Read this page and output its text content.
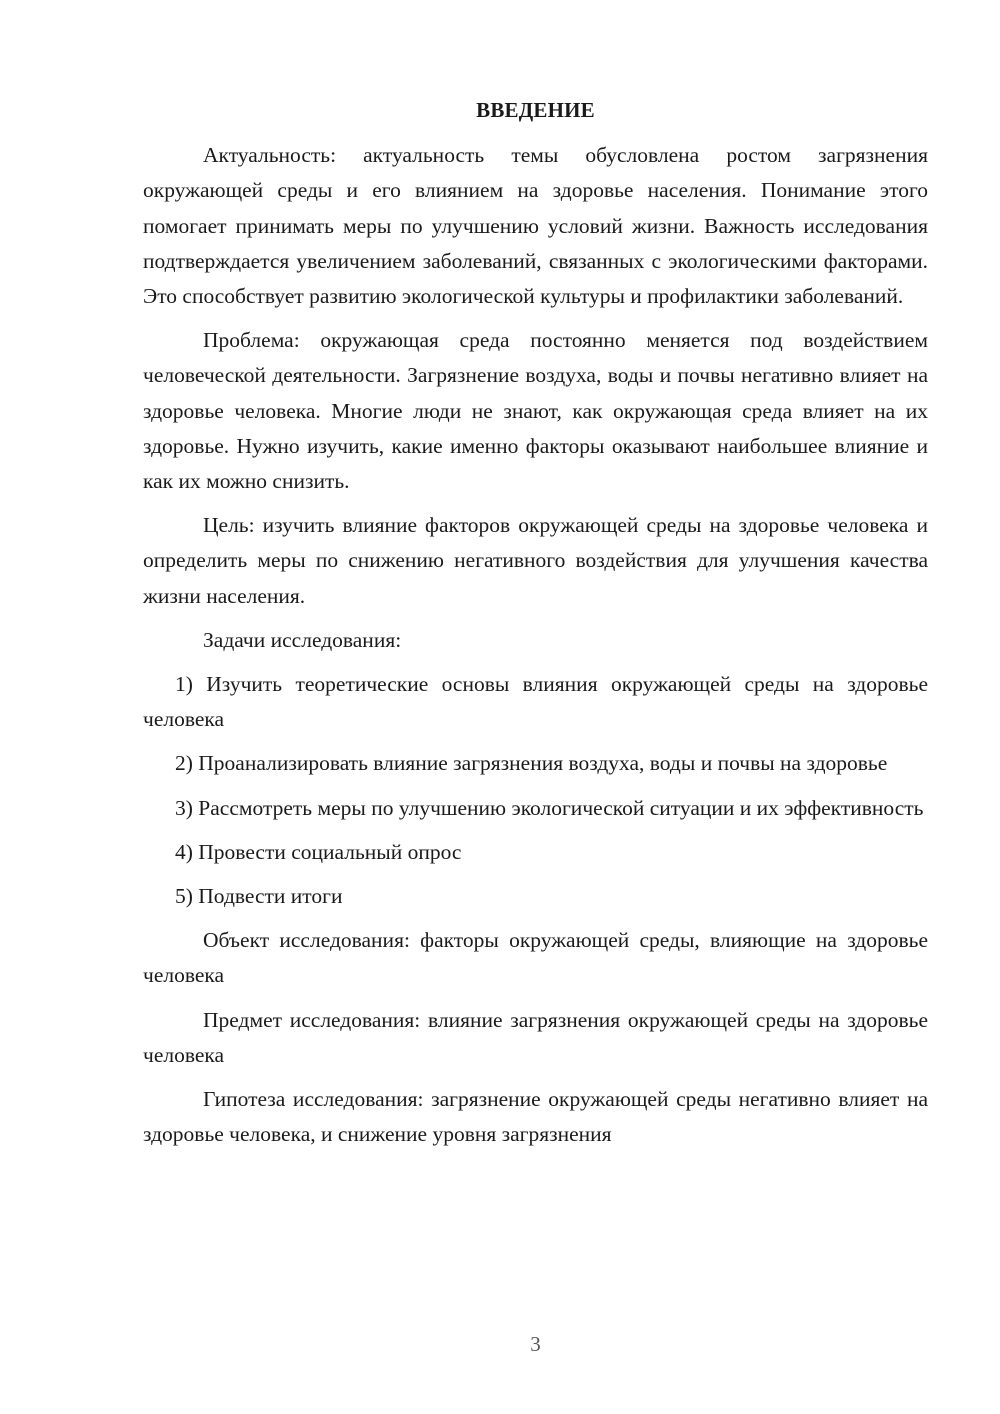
ВВЕДЕНИЕ

Актуальность: актуальность темы обусловлена ростом загрязнения окружающей среды и его влиянием на здоровье населения. Понимание этого помогает принимать меры по улучшению условий жизни. Важность исследования подтверждается увеличением заболеваний, связанных с экологическими факторами. Это способствует развитию экологической культуры и профилактики заболеваний.

Проблема: окружающая среда постоянно меняется под воздействием человеческой деятельности. Загрязнение воздуха, воды и почвы негативно влияет на здоровье человека. Многие люди не знают, как окружающая среда влияет на их здоровье. Нужно изучить, какие именно факторы оказывают наибольшее влияние и как их можно снизить.

Цель: изучить влияние факторов окружающей среды на здоровье человека и определить меры по снижению негативного воздействия для улучшения качества жизни населения.

Задачи исследования:

1) Изучить теоретические основы влияния окружающей среды на здоровье человека

2) Проанализировать влияние загрязнения воздуха, воды и почвы на здоровье

3) Рассмотреть меры по улучшению экологической ситуации и их эффективность

4) Провести социальный опрос

5) Подвести итоги

Объект исследования: факторы окружающей среды, влияющие на здоровье человека

Предмет исследования: влияние загрязнения окружающей среды на здоровье человека

Гипотеза исследования: загрязнение окружающей среды негативно влияет на здоровье человека, и снижение уровня загрязнения

3
